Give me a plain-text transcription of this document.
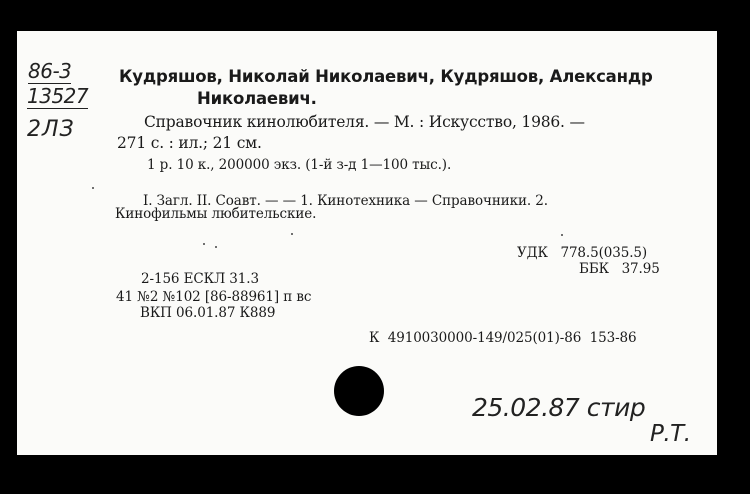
86-3
13527
2ЛЗ
Кудряшов, Николай Николаевич, Кудряшов, Александр
Николаевич.
Справочник кинолюбителя. — М. : Искусство, 1986. —
271 с. : ил.; 21 см.
1 р. 10 к., 200000 экз. (1-й з-д 1—100 тыс.).
I. Загл. II. Соавт. — — 1. Кинотехника — Справочники. 2.
Кинофильмы любительские.
УДК   778.5(035.5)
ББК   37.95
2-156 ЕСКЛ 31.3
41 №2 №102 [86-88961] п вс
ВКП 06.01.87 К889
К  4910030000-149/025(01)-86  153-86
25.02.87 стир
Р.Т.
